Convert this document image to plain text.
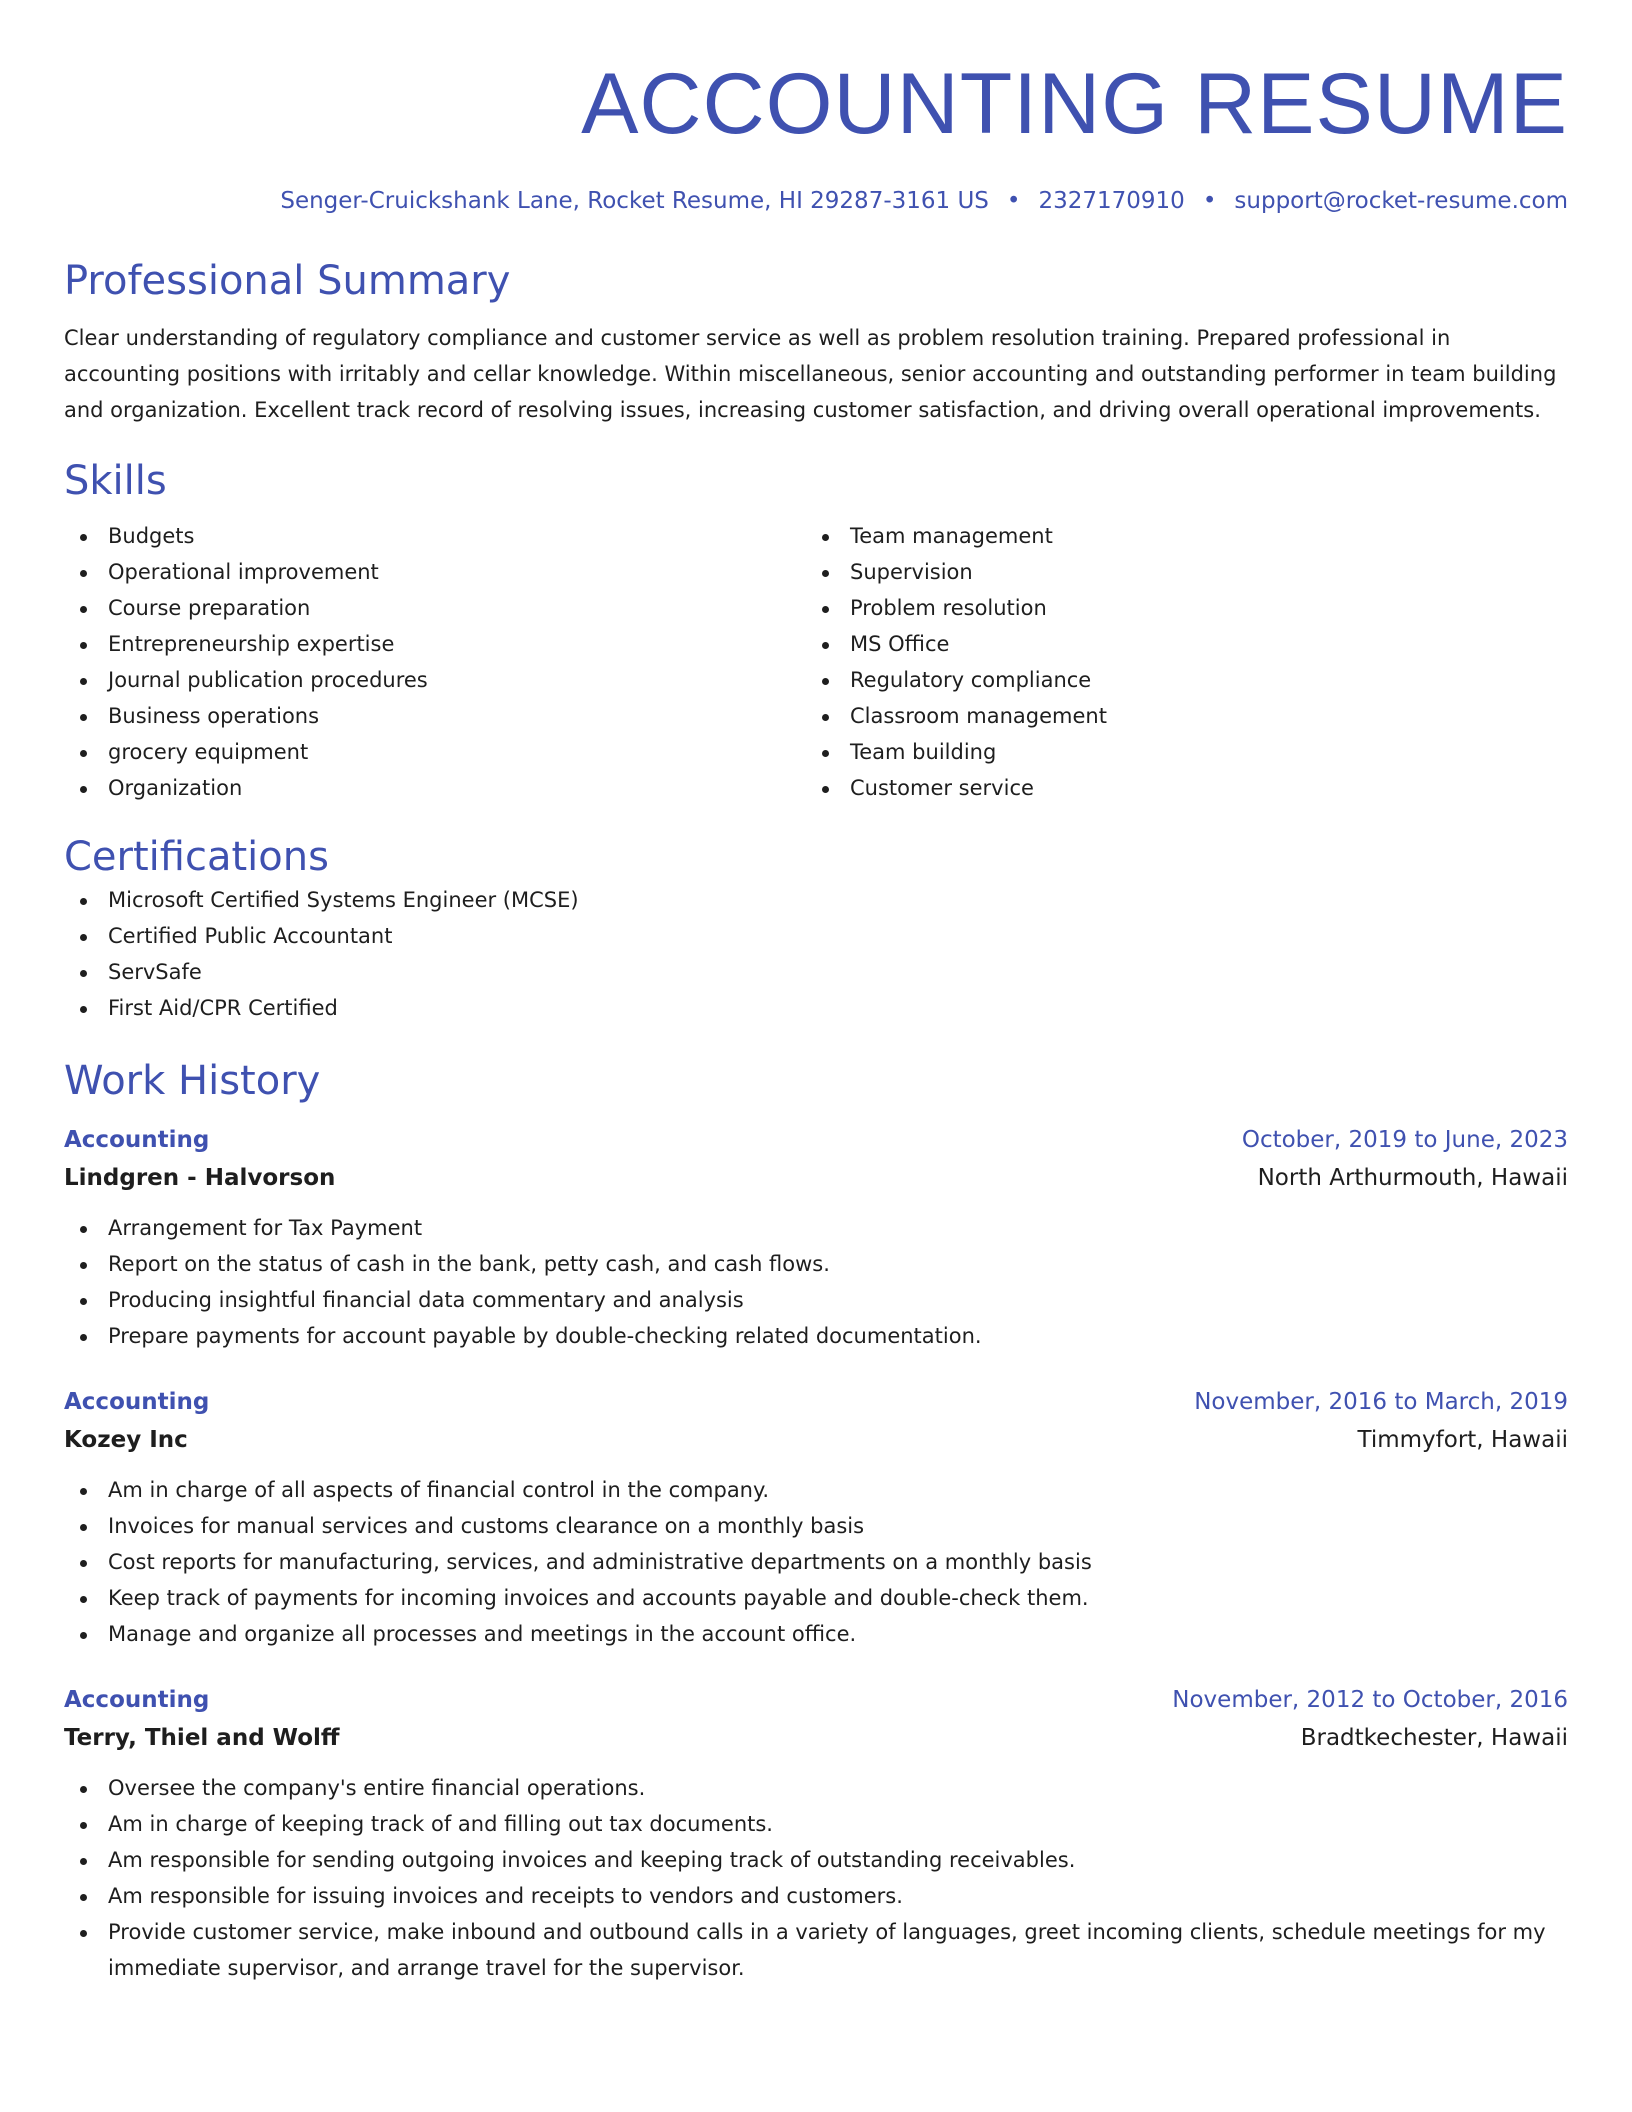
ACCOUNTING RESUME
Senger-Cruickshank Lane, Rocket Resume, HI 29287-3161 US • 2327170910 • support@rocket-resume.com
Professional Summary

Clear understanding of regulatory compliance and customer service as well as problem resolution training. Prepared professional in accounting positions with irritably and cellar knowledge. Within miscellaneous, senior accounting and outstanding performer in team building and organization. Excellent track record of resolving issues, increasing customer satisfaction, and driving overall operational improvements.

Skills
Budgets
Operational improvement
Course preparation
Entrepreneurship expertise
Journal publication procedures
Business operations
grocery equipment
Organization
Team management
Supervision
Problem resolution
MS Office
Regulatory compliance
Classroom management
Team building
Customer service
Certifications
Microsoft Certified Systems Engineer (MCSE)
Certified Public Accountant
ServSafe
First Aid/CPR Certified
Work History
Accounting	October, 2019 to June, 2023
Lindgren - Halvorson	North Arthurmouth, Hawaii
Arrangement for Tax Payment
Report on the status of cash in the bank, petty cash, and cash flows.
Producing insightful financial data commentary and analysis
Prepare payments for account payable by double-checking related documentation.
Accounting	November, 2016 to March, 2019
Kozey Inc	Timmyfort, Hawaii
Am in charge of all aspects of financial control in the company.
Invoices for manual services and customs clearance on a monthly basis
Cost reports for manufacturing, services, and administrative departments on a monthly basis
Keep track of payments for incoming invoices and accounts payable and double-check them.
Manage and organize all processes and meetings in the account office.
Accounting	November, 2012 to October, 2016
Terry, Thiel and Wolff	Bradtkechester, Hawaii
Oversee the company's entire financial operations.
Am in charge of keeping track of and filling out tax documents.
Am responsible for sending outgoing invoices and keeping track of outstanding receivables.
Am responsible for issuing invoices and receipts to vendors and customers.
Provide customer service, make inbound and outbound calls in a variety of languages, greet incoming clients, schedule meetings for my immediate supervisor, and arrange travel for the supervisor.
